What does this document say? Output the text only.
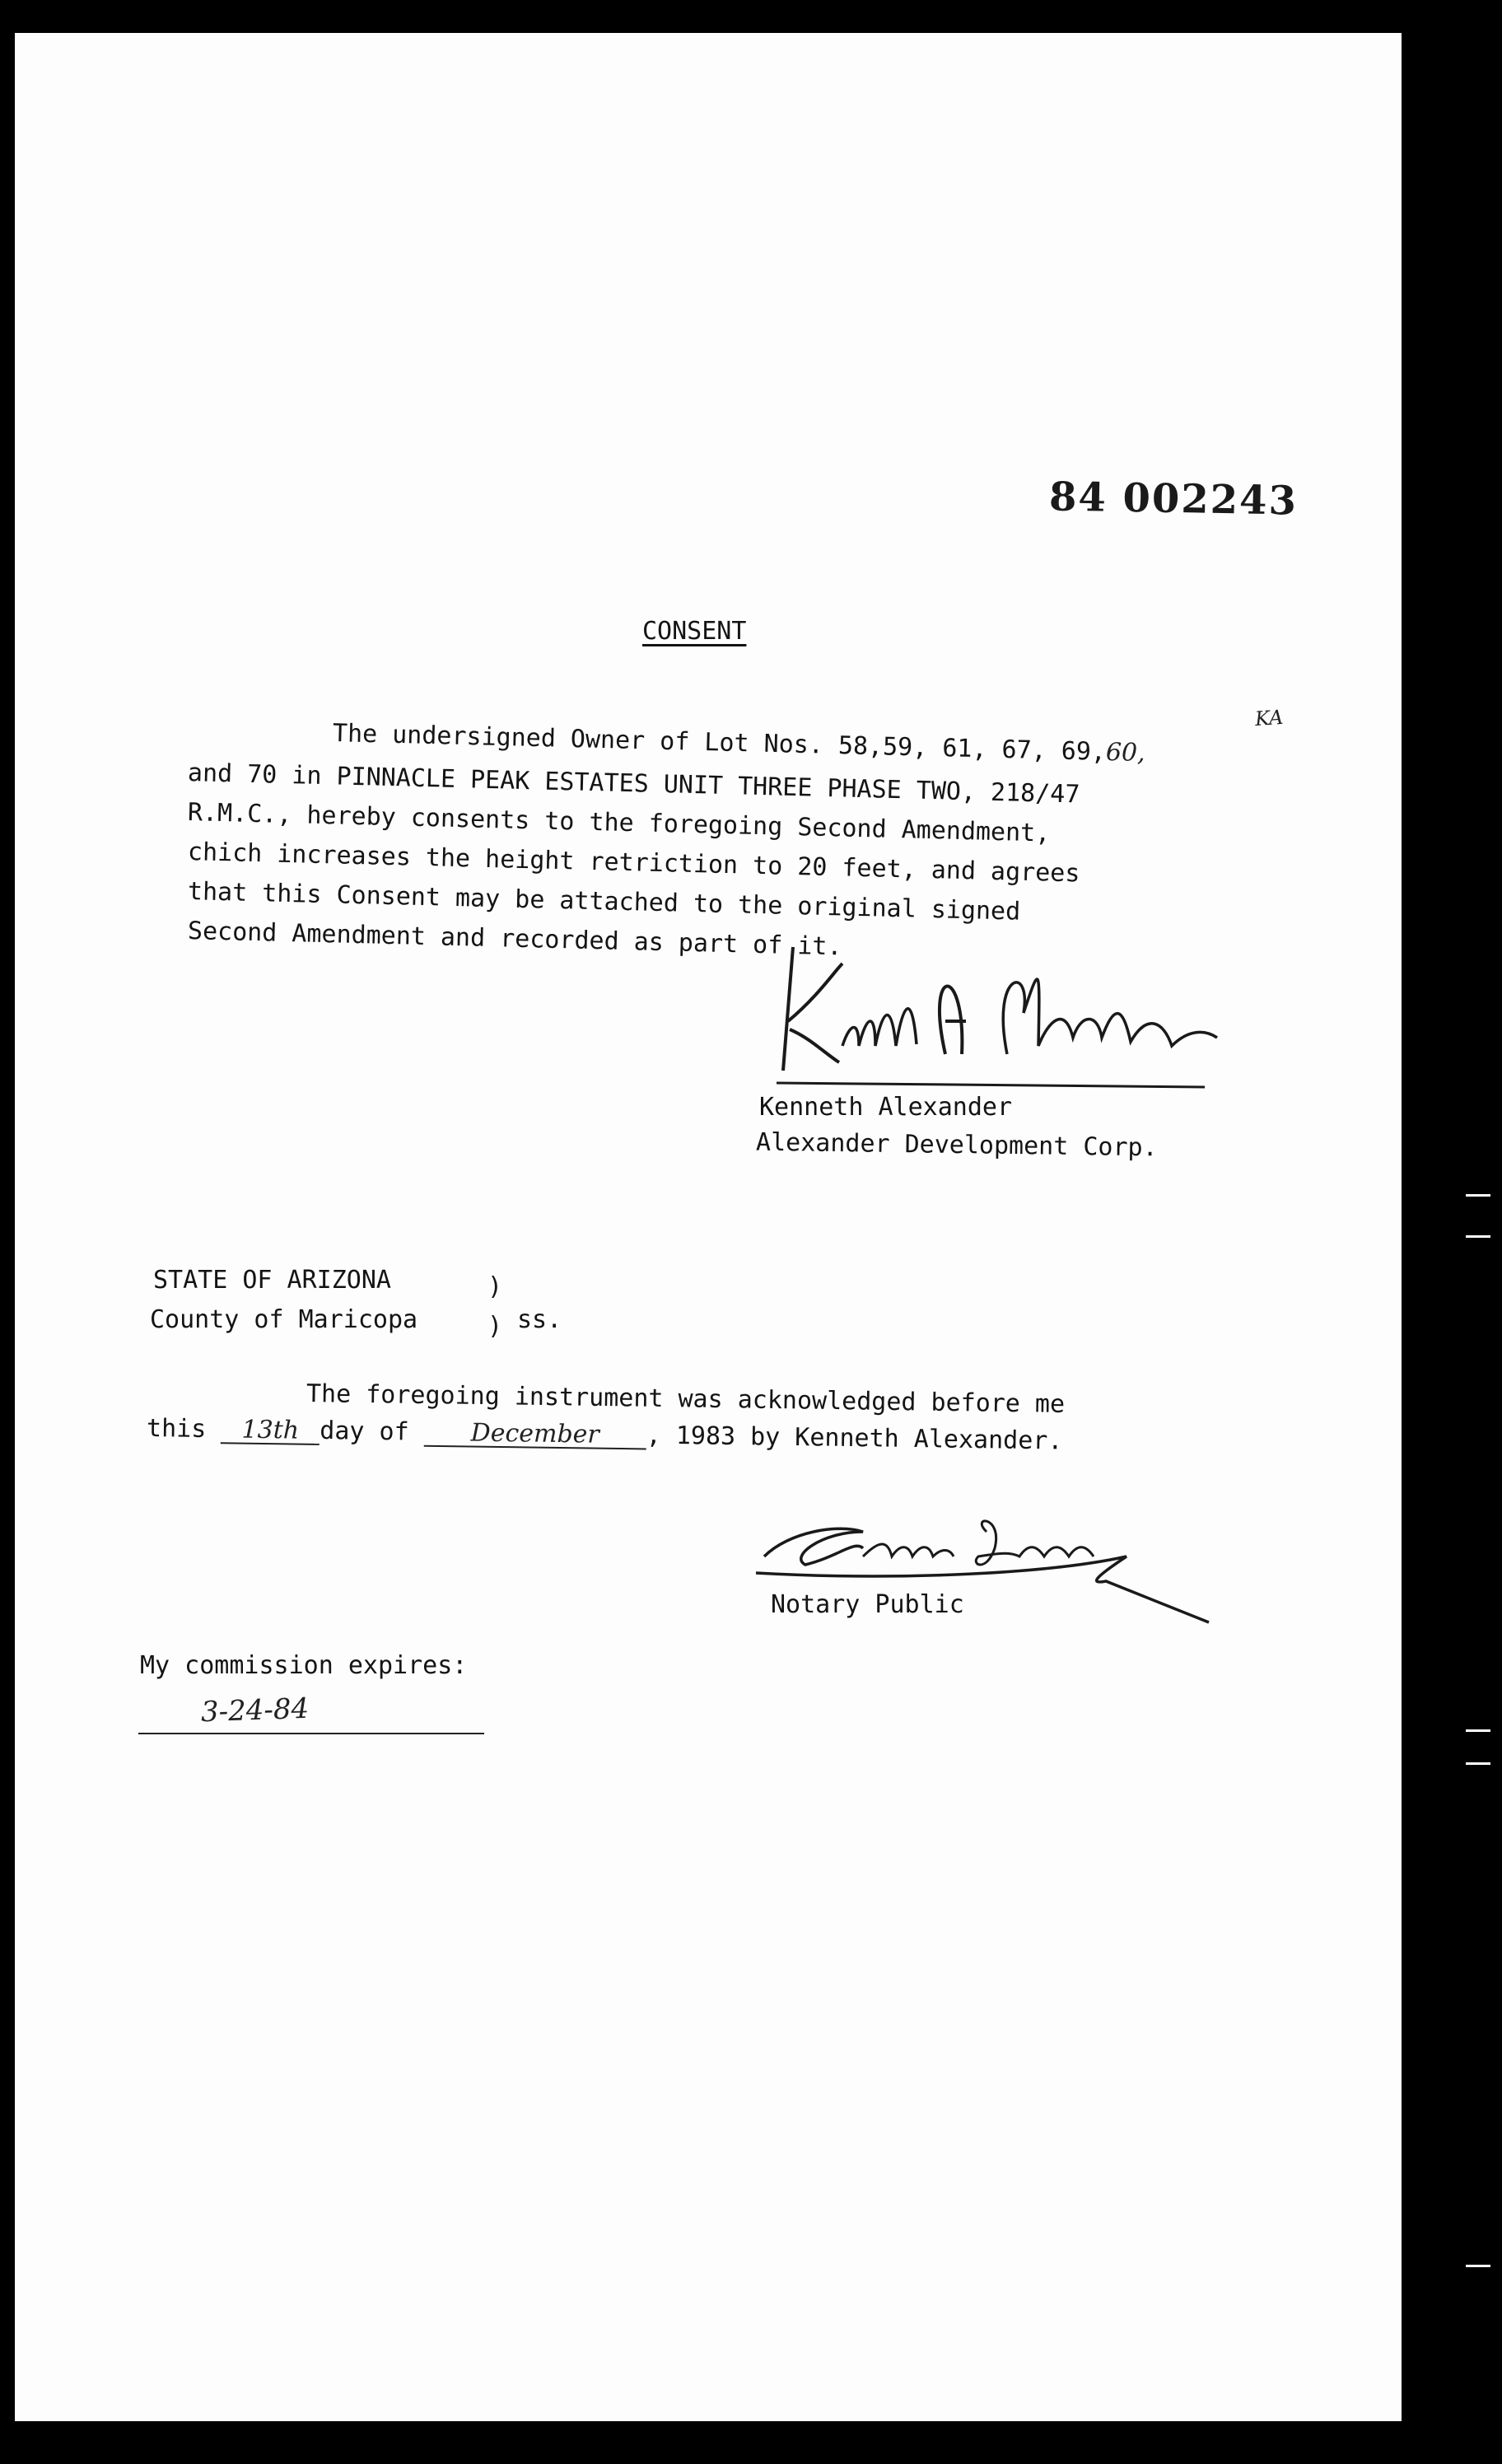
84 002243
CONSENT
The undersigned Owner of Lot Nos. 58,59, 61, 67, 69,60,
KA
and 70 in PINNACLE PEAK ESTATES UNIT THREE PHASE TWO, 218/47
R.M.C., hereby consents to the foregoing Second Amendment,
chich increases the height retriction to 20 feet, and agrees
that this Consent may be attached to the original signed
Second Amendment and recorded as part of it.
Kenneth Alexander
Alexander Development Corp.
STATE OF ARIZONA	)
County of Maricopa	) ss.
The foregoing instrument was acknowledged before me
this 13th day of December , 1983 by Kenneth Alexander.
Notary Public
My commission expires:
3-24-84
